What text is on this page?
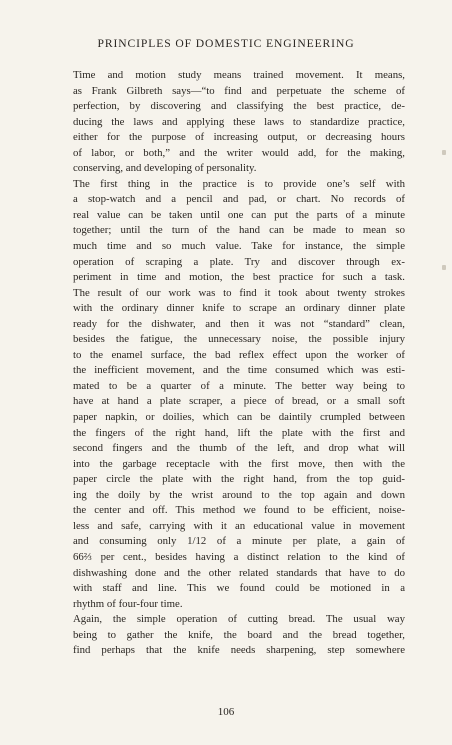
PRINCIPLES OF DOMESTIC ENGINEERING

Time and motion study means trained movement. It means,
as Frank Gilbreth says—“to find and perpetuate the scheme of
perfection, by discovering and classifying the best practice, de-
ducing the laws and applying these laws to standardize practice,
either for the purpose of increasing output, or decreasing hours
of labor, or both,” and the writer would add, for the making,
conserving, and developing of personality.

The first thing in the practice is to provide one’s self with
a stop-watch and a pencil and pad, or chart. No records of
real value can be taken until one can put the parts of a minute
together; until the turn of the hand can be made to mean so
much time and so much value. Take for instance, the simple
operation of scraping a plate. Try and discover through ex-
periment in time and motion, the best practice for such a task.
The result of our work was to find it took about twenty strokes
with the ordinary dinner knife to scrape an ordinary dinner plate
ready for the dishwater, and then it was not “standard” clean,
besides the fatigue, the unnecessary noise, the possible injury
to the enamel surface, the bad reflex effect upon the worker of
the inefficient movement, and the time consumed which was esti-
mated to be a quarter of a minute. The better way being to
have at hand a plate scraper, a piece of bread, or a small soft
paper napkin, or doilies, which can be daintily crumpled between
the fingers of the right hand, lift the plate with the first and
second fingers and the thumb of the left, and drop what will
into the garbage receptacle with the first move, then with the
paper circle the plate with the right hand, from the top guid-
ing the doily by the wrist around to the top again and down
the center and off. This method we found to be efficient, noise-
less and safe, carrying with it an educational value in movement
and consuming only 1/12 of a minute per plate, a gain of
66⅔ per cent., besides having a distinct relation to the kind of
dishwashing done and the other related standards that have to do
with staff and line. This we found could be motioned in a
rhythm of four-four time.

Again, the simple operation of cutting bread. The usual way
being to gather the knife, the board and the bread together,
find perhaps that the knife needs sharpening, step somewhere

106
